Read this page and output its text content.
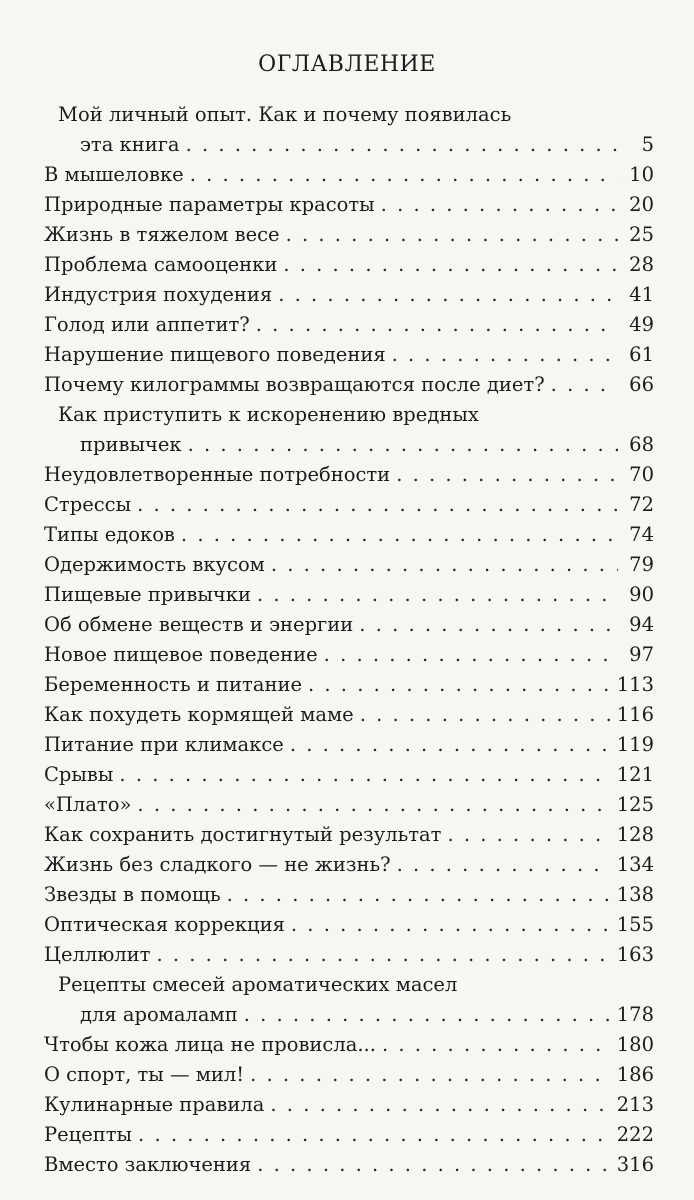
ОГЛАВЛЕНИЕ
Мой личный опыт. Как и почему появилась
эта книга . . .	5
В мышеловке . . .	10
Природные параметры красоты . . .	20
Жизнь в тяжелом весе . . .	25
Проблема самооценки . . .	28
Индустрия похудения . . .	41
Голод или аппетит? . . .	49
Нарушение пищевого поведения . . .	61
Почему килограммы возвращаются после диет? . . .	66
Как приступить к искоренению вредных
привычек . . .	68
Неудовлетворенные потребности . . .	70
Стрессы . . .	72
Типы едоков . . .	74
Одержимость вкусом . . .	79
Пищевые привычки . . .	90
Об обмене веществ и энергии . . .	94
Новое пищевое поведение . . .	97
Беременность и питание . . .	113
Как похудеть кормящей маме . . .	116
Питание при климаксе . . .	119
Срывы . . .	121
«Плато» . . .	125
Как сохранить достигнутый результат . . .	128
Жизнь без сладкого — не жизнь? . . .	134
Звезды в помощь . . .	138
Оптическая коррекция . . .	155
Целлюлит . . .	163
Рецепты смесей ароматических масел
для аромаламп . . .	178
Чтобы кожа лица не провисла... . . .	180
О спорт, ты — мил! . . .	186
Кулинарные правила . . .	213
Рецепты . . .	222
Вместо заключения . . .	316
